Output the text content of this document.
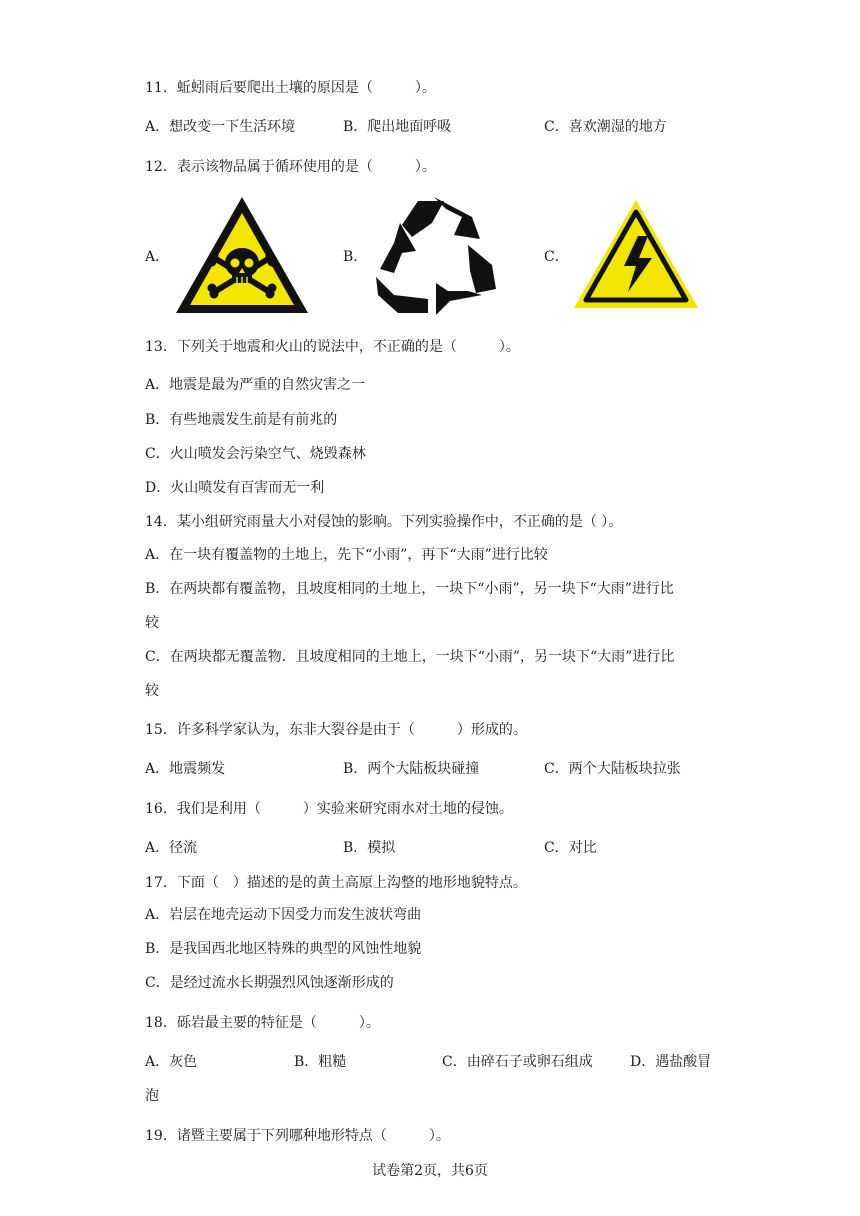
11．蚯蚓雨后要爬出土壤的原因是（　　　）。
A．想改变一下生活环境	B．爬出地面呼吸	C．喜欢潮湿的地方
12．表示该物品属于循环使用的是（　　　）。
A．	B．	C．
13．下列关于地震和火山的说法中，不正确的是（　　　）。
A．地震是最为严重的自然灾害之一
B．有些地震发生前是有前兆的
C．火山喷发会污染空气、烧毁森林
D．火山喷发有百害而无一利
14．某小组研究雨量大小对侵蚀的影响。下列实验操作中，不正确的是（ ）。
A．在一块有覆盖物的土地上，先下“小雨”，再下“大雨”进行比较
B．在两块都有覆盖物，且坡度相同的土地上，一块下“小雨”，另一块下“大雨”进行比
较
C．在两块都无覆盖物．且坡度相同的土地上，一块下“小雨”，另一块下“大雨”进行比
较
15．许多科学家认为，东非大裂谷是由于（　　　）形成的。
A．地震频发	B．两个大陆板块碰撞	C．两个大陆板块拉张
16．我们是利用（　　　）实验来研究雨水对土地的侵蚀。
A．径流	B．模拟	C．对比
17．下面（　）描述的是的黄土高原上沟整的地形地貌特点。
A．岩层在地壳运动下因受力而发生波状弯曲
B．是我国西北地区特殊的典型的风蚀性地貌
C．是经过流水长期强烈风蚀逐渐形成的
18．砾岩最主要的特征是（　　　）。
A．灰色	B．粗糙	C．由碎石子或卵石组成	D．遇盐酸冒
泡
19．诸暨主要属于下列哪种地形特点（　　　）。
试卷第2页，共6页
